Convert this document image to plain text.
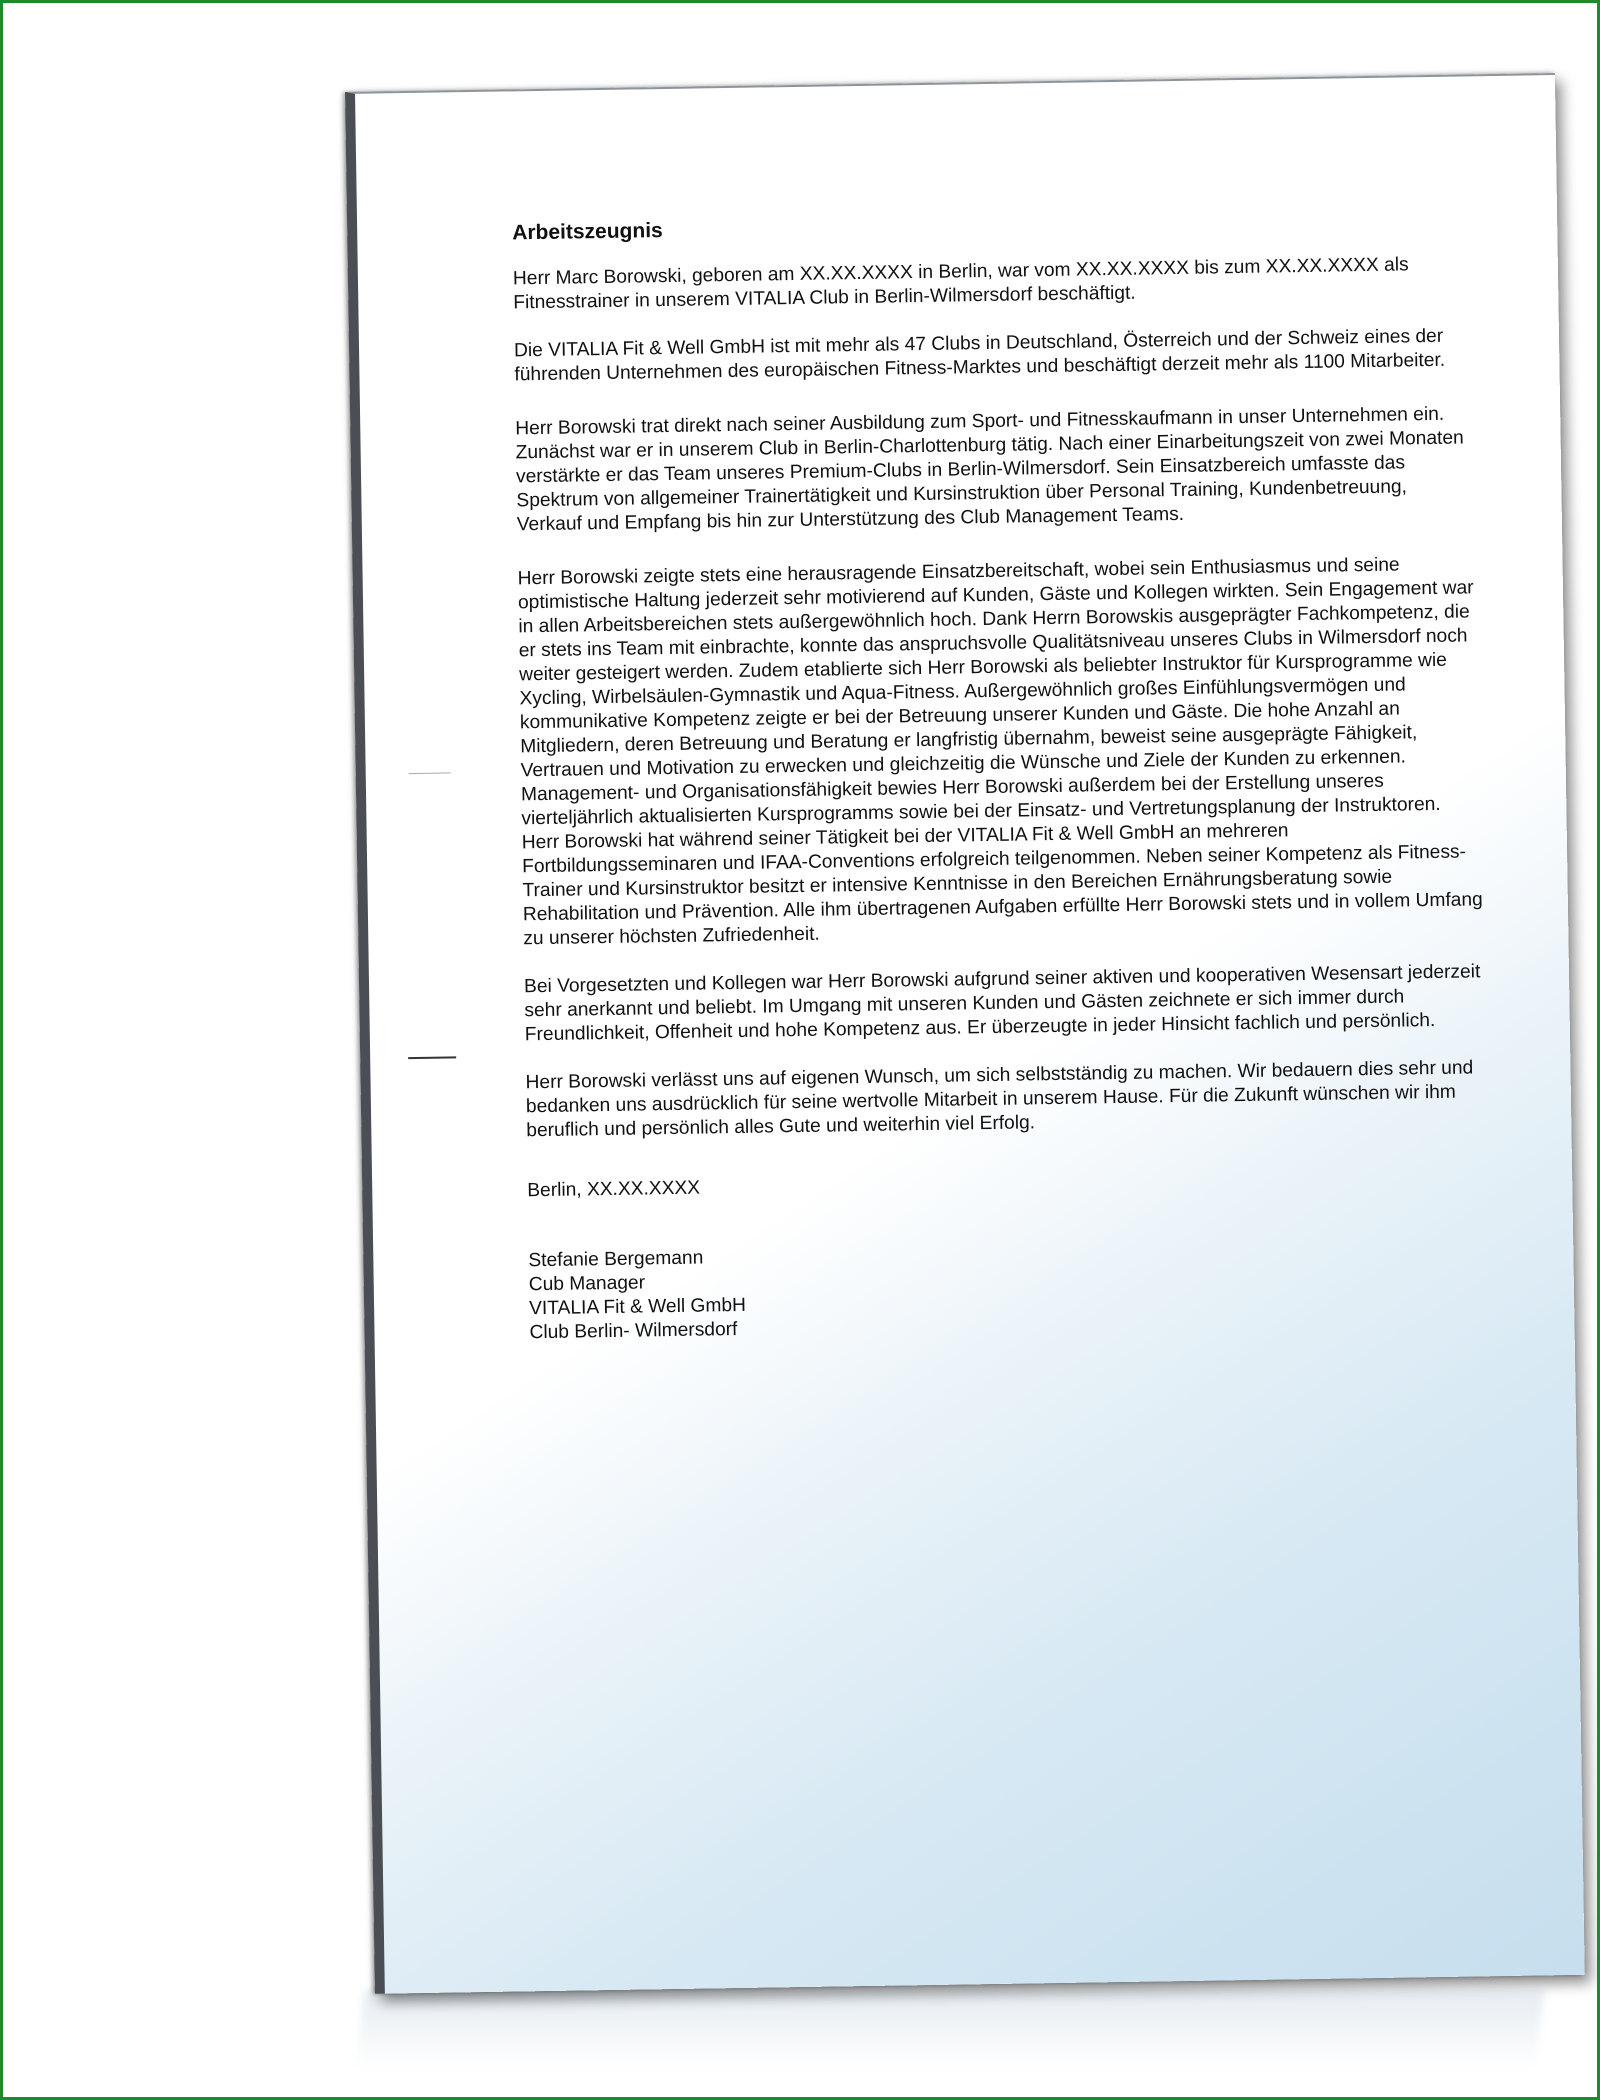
Arbeitszeugnis

Herr Marc Borowski, geboren am XX.XX.XXXX in Berlin, war vom XX.XX.XXXX bis zum XX.XX.XXXX als Fitnesstrainer in unserem VITALIA Club in Berlin-Wilmersdorf beschäftigt.

Die VITALIA Fit & Well GmbH ist mit mehr als 47 Clubs in Deutschland, Österreich und der Schweiz eines der führenden Unternehmen des europäischen Fitness-Marktes und beschäftigt derzeit mehr als 1100 Mitarbeiter.

Herr Borowski trat direkt nach seiner Ausbildung zum Sport- und Fitnesskaufmann in unser Unternehmen ein. Zunächst war er in unserem Club in Berlin-Charlottenburg tätig. Nach einer Einarbeitungszeit von zwei Monaten verstärkte er das Team unseres Premium-Clubs in Berlin-Wilmersdorf. Sein Einsatzbereich umfasste das Spektrum von allgemeiner Trainertätigkeit und Kursinstruktion über Personal Training, Kundenbetreuung, Verkauf und Empfang bis hin zur Unterstützung des Club Management Teams.

Herr Borowski zeigte stets eine herausragende Einsatzbereitschaft, wobei sein Enthusiasmus und seine optimistische Haltung jederzeit sehr motivierend auf Kunden, Gäste und Kollegen wirkten. Sein Engagement war in allen Arbeitsbereichen stets außergewöhnlich hoch. Dank Herrn Borowskis ausgeprägter Fachkompetenz, die er stets ins Team mit einbrachte, konnte das anspruchsvolle Qualitätsniveau unseres Clubs in Wilmersdorf noch weiter gesteigert werden. Zudem etablierte sich Herr Borowski als beliebter Instruktor für Kursprogramme wie Xycling, Wirbelsäulen-Gymnastik und Aqua-Fitness. Außergewöhnlich großes Einfühlungsvermögen und kommunikative Kompetenz zeigte er bei der Betreuung unserer Kunden und Gäste. Die hohe Anzahl an Mitgliedern, deren Betreuung und Beratung er langfristig übernahm, beweist seine ausgeprägte Fähigkeit, Vertrauen und Motivation zu erwecken und gleichzeitig die Wünsche und Ziele der Kunden zu erkennen. Management- und Organisationsfähigkeit bewies Herr Borowski außerdem bei der Erstellung unseres vierteljährlich aktualisierten Kursprogramms sowie bei der Einsatz- und Vertretungsplanung der Instruktoren. Herr Borowski hat während seiner Tätigkeit bei der VITALIA Fit & Well GmbH an mehreren Fortbildungsseminaren und IFAA-Conventions erfolgreich teilgenommen. Neben seiner Kompetenz als Fitness-Trainer und Kursinstruktor besitzt er intensive Kenntnisse in den Bereichen Ernährungsberatung sowie Rehabilitation und Prävention. Alle ihm übertragenen Aufgaben erfüllte Herr Borowski stets und in vollem Umfang zu unserer höchsten Zufriedenheit.

Bei Vorgesetzten und Kollegen war Herr Borowski aufgrund seiner aktiven und kooperativen Wesensart jederzeit sehr anerkannt und beliebt. Im Umgang mit unseren Kunden und Gästen zeichnete er sich immer durch Freundlichkeit, Offenheit und hohe Kompetenz aus. Er überzeugte in jeder Hinsicht fachlich und persönlich.

Herr Borowski verlässt uns auf eigenen Wunsch, um sich selbstständig zu machen. Wir bedauern dies sehr und bedanken uns ausdrücklich für seine wertvolle Mitarbeit in unserem Hause. Für die Zukunft wünschen wir ihm beruflich und persönlich alles Gute und weiterhin viel Erfolg.

Berlin, XX.XX.XXXX
Stefanie Bergemann
Cub Manager
VITALIA Fit & Well GmbH
Club Berlin- Wilmersdorf
